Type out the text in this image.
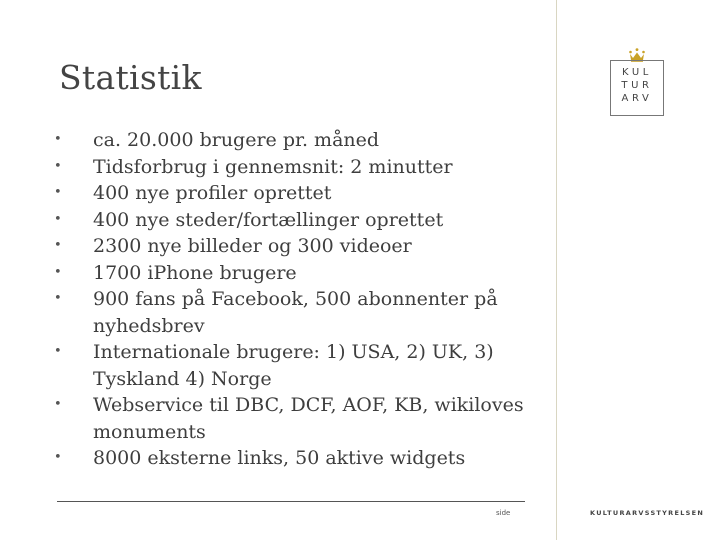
Statistik
• ca. 20.000 brugere pr. måned
• Tidsforbrug i gennemsnit: 2 minutter
• 400 nye profiler oprettet
• 400 nye steder/fortællinger oprettet
• 2300 nye billeder og 300 videoer
• 1700 iPhone brugere
• 900 fans på Facebook, 500 abonnenter på nyhedsbrev
• Internationale brugere: 1) USA, 2) UK, 3) Tyskland 4) Norge
• Webservice til DBC, DCF, AOF, KB, wikiloves monuments
• 8000 eksterne links, 50 aktive widgets
KUL
TUR
ARV
side	KULTURARVSSTYRELSEN
